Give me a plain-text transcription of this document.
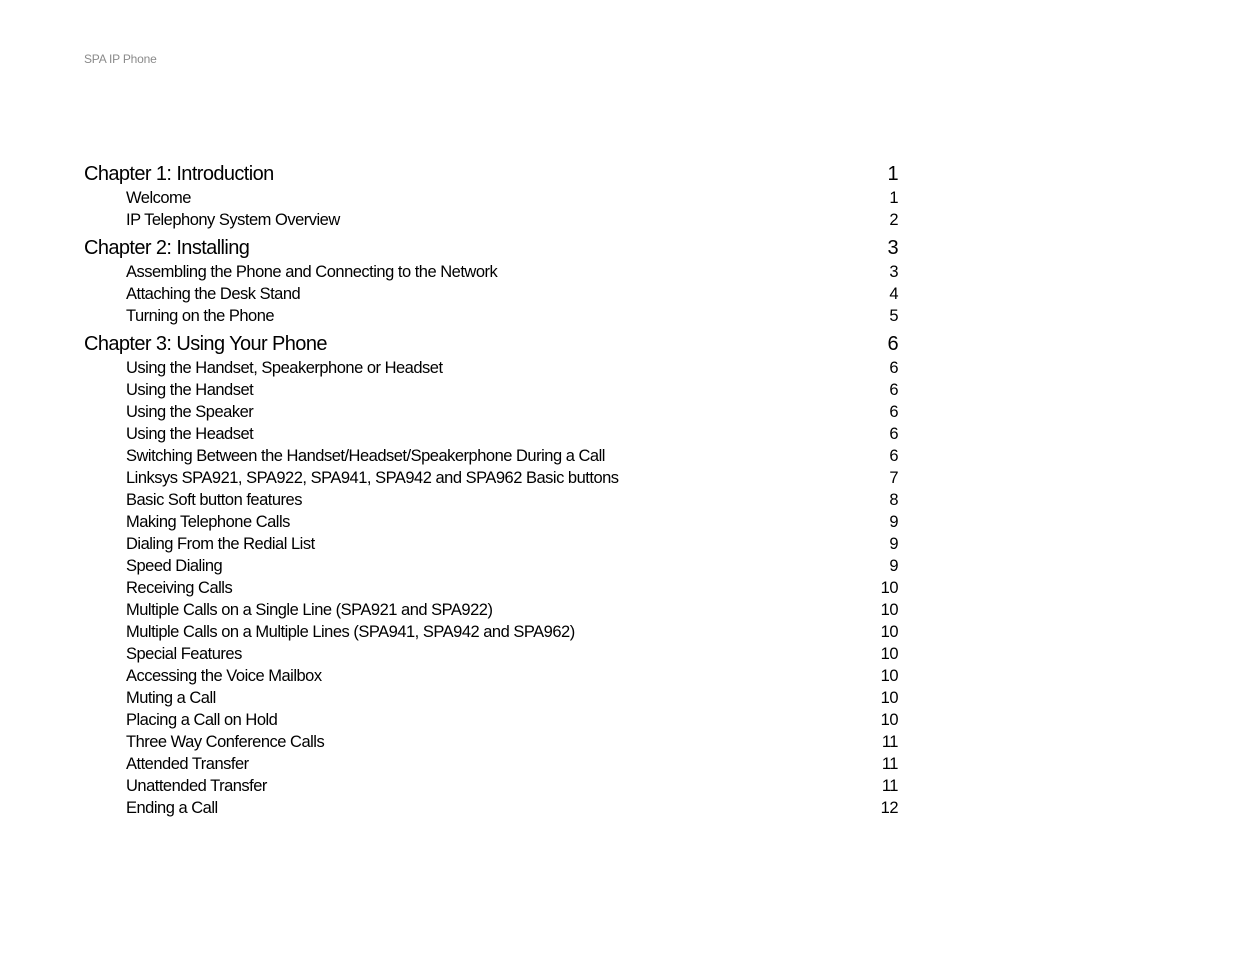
SPA IP Phone
Chapter 1: Introduction	1
Welcome	1
IP Telephony System Overview	2
Chapter 2: Installing	3
Assembling the Phone and Connecting to the Network	3
Attaching the Desk Stand	4
Turning on the Phone	5
Chapter 3: Using Your Phone	6
Using the Handset, Speakerphone or Headset	6
Using the Handset	6
Using the Speaker	6
Using the Headset	6
Switching Between the Handset/Headset/Speakerphone During a Call	6
Linksys SPA921, SPA922, SPA941, SPA942 and SPA962 Basic buttons	7
Basic Soft button features	8
Making Telephone Calls	9
Dialing From the Redial List	9
Speed Dialing	9
Receiving Calls	10
Multiple Calls on a Single Line (SPA921 and SPA922)	10
Multiple Calls on a Multiple Lines (SPA941, SPA942 and SPA962)	10
Special Features	10
Accessing the Voice Mailbox	10
Muting a Call	10
Placing a Call on Hold	10
Three Way Conference Calls	11
Attended Transfer	11
Unattended Transfer	11
Ending a Call	12
